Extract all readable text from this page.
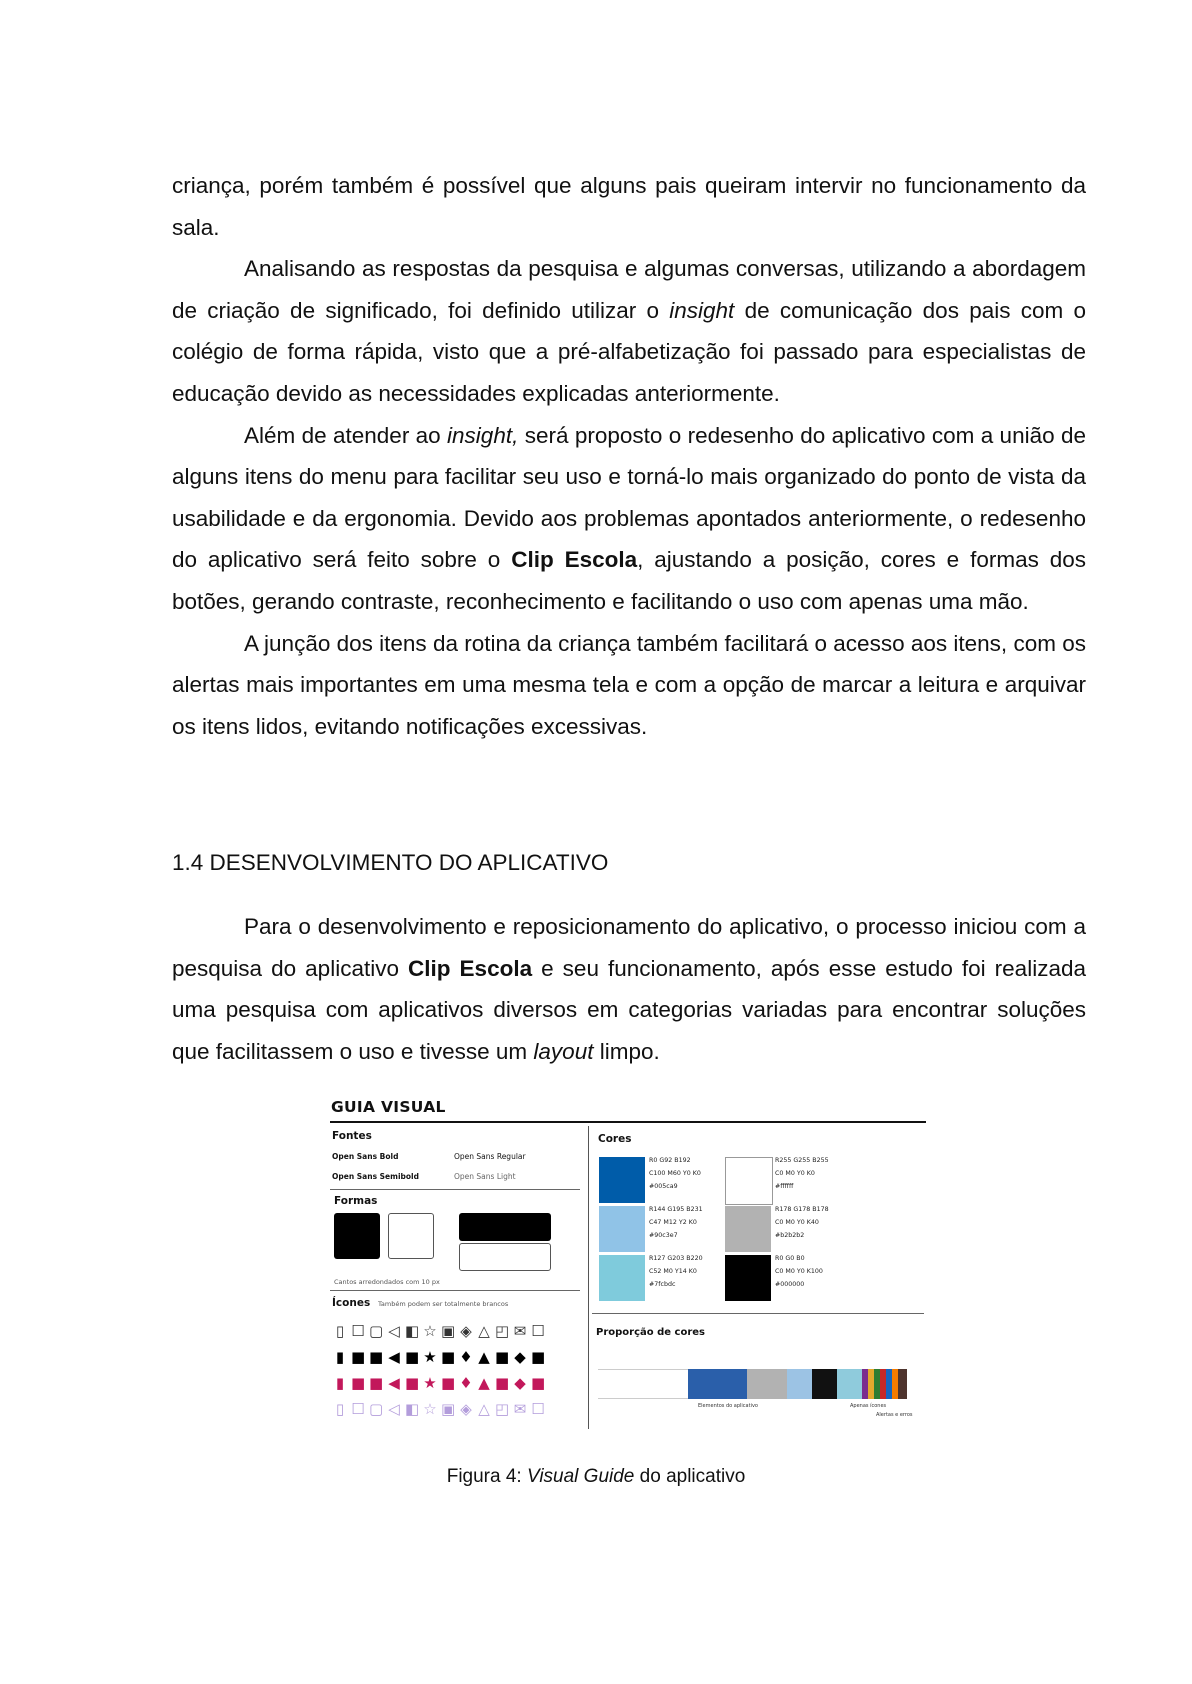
criança, porém também é possível que alguns pais queiram intervir no funcionamento da sala.

Analisando as respostas da pesquisa e algumas conversas, utilizando a abordagem de criação de significado, foi definido utilizar o insight de comunicação dos pais com o colégio de forma rápida, visto que a pré-alfabetização foi passado para especialistas de educação devido as necessidades explicadas anteriormente.

Além de atender ao insight, será proposto o redesenho do aplicativo com a união de alguns itens do menu para facilitar seu uso e torná-lo mais organizado do ponto de vista da usabilidade e da ergonomia. Devido aos problemas apontados anteriormente, o redesenho do aplicativo será feito sobre o Clip Escola, ajustando a posição, cores e formas dos botões, gerando contraste, reconhecimento e facilitando o uso com apenas uma mão.

A junção dos itens da rotina da criança também facilitará o acesso aos itens, com os alertas mais importantes em uma mesma tela e com a opção de marcar a leitura e arquivar os itens lidos, evitando notificações excessivas.

1.4 DESENVOLVIMENTO DO APLICATIVO

Para o desenvolvimento e reposicionamento do aplicativo, o processo iniciou com a pesquisa do aplicativo Clip Escola e seu funcionamento, após esse estudo foi realizada uma pesquisa com aplicativos diversos em categorias variadas para encontrar soluções que facilitassem o uso e tivesse um layout limpo.

GUIA VISUAL

Fontes

Open Sans Bold	Open Sans Regular
Open Sans Semibold	Open Sans Light

Formas

Cantos arredondados com 10 px

Ícones Também podem ser totalmente brancos
▯ ☐ ▢ ◁ ◧ ☆ ▣ ◈ △ ◰ ✉ ☐
▮ ■ ■ ◀ ■ ★ ■ ♦ ▲ ■ ◆ ■
▮ ■ ■ ◀ ■ ★ ■ ♦ ▲ ■ ◆ ■
▯ ☐ ▢ ◁ ◧ ☆ ▣ ◈ △ ◰ ✉ ☐

Cores

R0 G92 B192
C100 M60 Y0 K0
#005ca9
R144 G195 B231
C47 M12 Y2 K0
#90c3e7
R127 G203 B220
C52 M0 Y14 K0
#7fcbdc
R255 G255 B255
C0 M0 Y0 K0
#ffffff
R178 G178 B178
C0 M0 Y0 K40
#b2b2b2
R0 G0 B0
C0 M0 Y0 K100
#000000

Proporção de cores

Elementos do aplicativo	Apenas ícones
Alertas e erros

Figura 4: Visual Guide do aplicativo
